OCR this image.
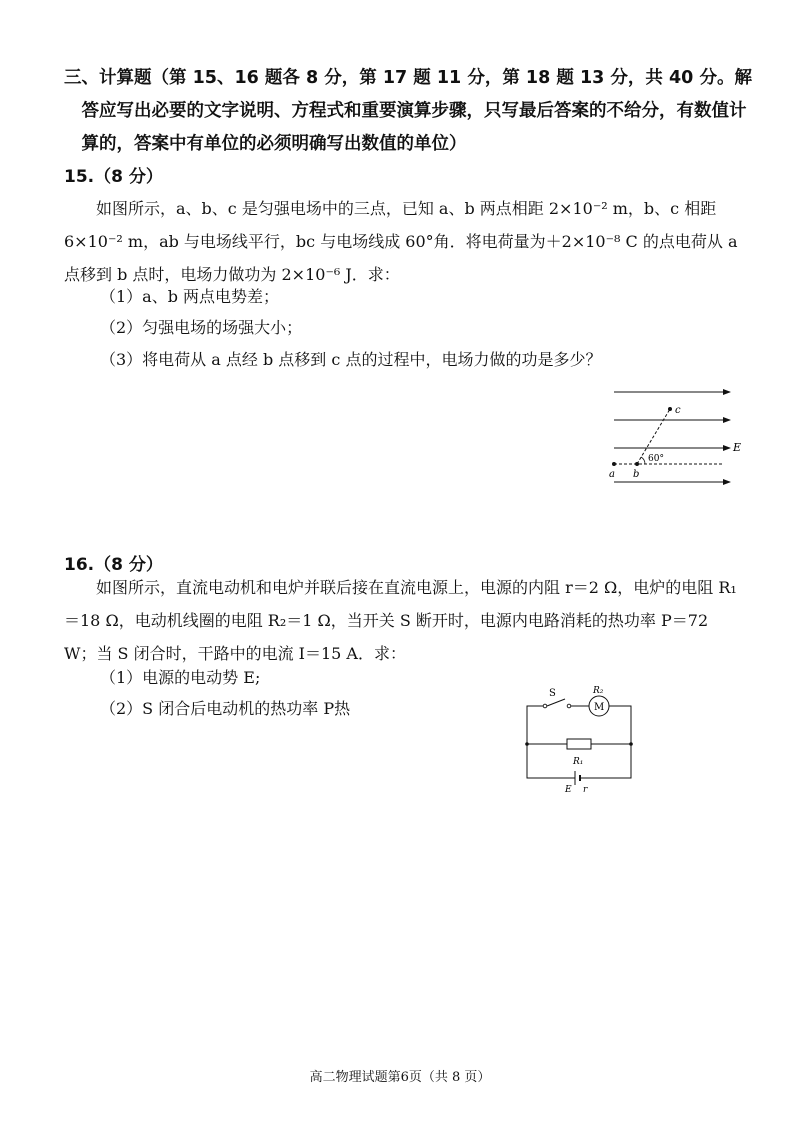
三、计算题（第 15、16 题各 8 分，第 17 题 11 分，第 18 题 13 分，共 40 分。解答应写出必要的文字说明、方程式和重要演算步骤，只写最后答案的不给分，有数值计算的，答案中有单位的必须明确写出数值的单位）
15.（8 分）
如图所示，a、b、c 是匀强电场中的三点，已知 a、b 两点相距 2×10⁻² m，b、c 相距 6×10⁻² m，ab 与电场线平行，bc 与电场线成 60°角．将电荷量为＋2×10⁻⁸ C 的点电荷从 a 点移到 b 点时，电场力做功为 2×10⁻⁶ J．求：
（1）a、b 两点电势差；
（2）匀强电场的场强大小；
（3）将电荷从 a 点经 b 点移到 c 点的过程中，电场力做的功是多少？
c
E
60°
a b
16.（8 分）
如图所示，直流电动机和电炉并联后接在直流电源上，电源的内阻 r＝2 Ω，电炉的电阻 R₁＝18 Ω，电动机线圈的电阻 R₂＝1 Ω，当开关 S 断开时，电源内电路消耗的热功率 P＝72 W；当 S 闭合时，干路中的电流 I＝15 A．求：
（1）电源的电动势 E;
（2）S 闭合后电动机的热功率 P热
S	R₂
M
R₁
E r
高二物理试题第6页（共 8 页）
